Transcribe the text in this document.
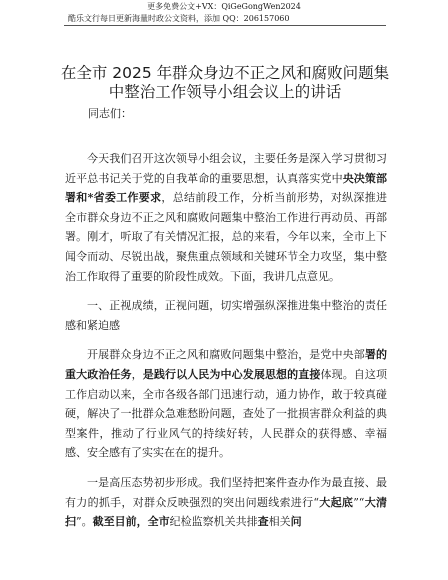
更多免费公文+VX：QiGeGongWen2024
酷乐文行每日更新海量时政公文资料，添加 QQ：206157060
在全市 2025 年群众身边不正之风和腐败问题集 中整治工作领导小组会议上的讲话
同志们：

今天我们召开这次领导小组会议，主要任务是深入学习贯彻习近平总书记关于党的自我革命的重要思想，认真落实党中央决策部署和*省委工作要求，总结前段工作，分析当前形势，对纵深推进全市群众身边不正之风和腐败问题集中整治工作进行再动员、再部署。刚才，听取了有关情况汇报，总的来看，今年以来，全市上下闻令而动、尽锐出战，聚焦重点领域和关键环节全力攻坚，集中整治工作取得了重要的阶段性成效。下面，我讲几点意见。

一、正视成绩，正视问题，切实增强纵深推进集中整治的责任感和紧迫感

开展群众身边不正之风和腐败问题集中整治，是党中央部署的重大政治任务，是践行以人民为中心发展思想的直接体现。自这项工作启动以来，全市各级各部门迅速行动，通力协作，敢于较真碰硬，解决了一批群众急难愁盼问题，查处了一批损害群众利益的典型案件，推动了行业风气的持续好转，人民群众的获得感、幸福感、安全感有了实实在在的提升。

一是高压态势初步形成。我们坚持把案件查办作为最直接、最有力的抓手，对群众反映强烈的突出问题线索进行“大起底”“大清扫”。截至目前，全市纪检监察机关共排查相关问
